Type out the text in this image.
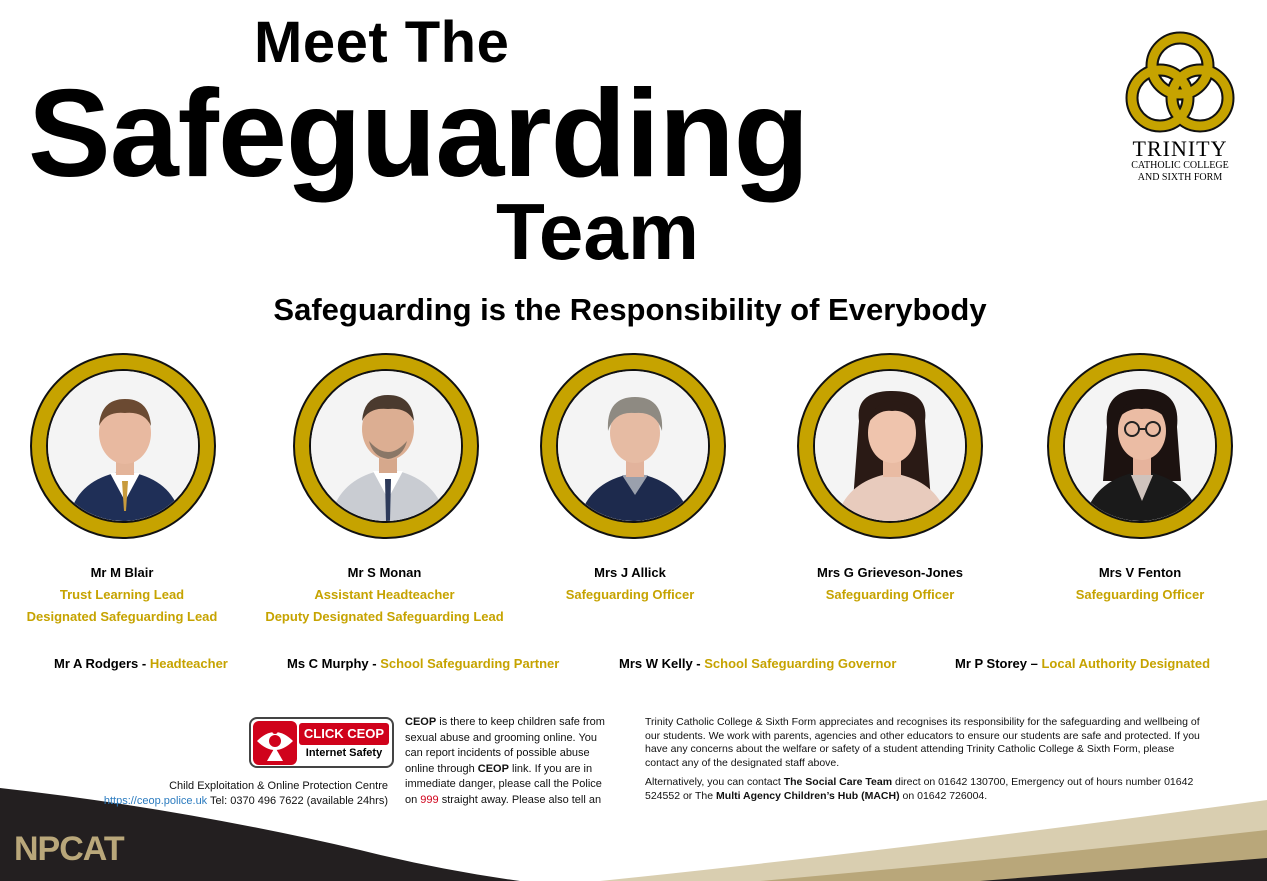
Meet The
Safeguarding
Team
Safeguarding is the Responsibility of Everybody
TRINITY
CATHOLIC COLLEGE
AND SIXTH FORM
Mr M Blair
Trust Learning Lead
Designated Safeguarding Lead
Mr S Monan
Assistant Headteacher
Deputy Designated Safeguarding Lead
Mrs J Allick
Safeguarding Officer
Mrs G Grieveson-Jones
Safeguarding Officer
Mrs V Fenton
Safeguarding Officer
Mr A Rodgers - Headteacher	Ms C Murphy - School Safeguarding Partner	Mrs W Kelly - School Safeguarding Governor	Mr P Storey – Local Authority Designated
NPCAT
CLICK CEOP
Internet Safety
Child Exploitation & Online Protection Centre
https://ceop.police.uk Tel: 0370 496 7622 (available 24hrs)
CEOP is there to keep children safe from sexual abuse and grooming online. You can report incidents of possible abuse online through CEOP link. If you are in immediate danger, please call the Police on 999 straight away. Please also tell an

Trinity Catholic College & Sixth Form appreciates and recognises its responsibility for the safeguarding and wellbeing of our students. We work with parents, agencies and other educators to ensure our students are safe and protected. If you have any concerns about the welfare or safety of a student attending Trinity Catholic College & Sixth Form, please contact any of the designated staff above.

Alternatively, you can contact The Social Care Team direct on 01642 130700, Emergency out of hours number 01642 524552 or The Multi Agency Children’s Hub (MACH) on 01642 726004.
